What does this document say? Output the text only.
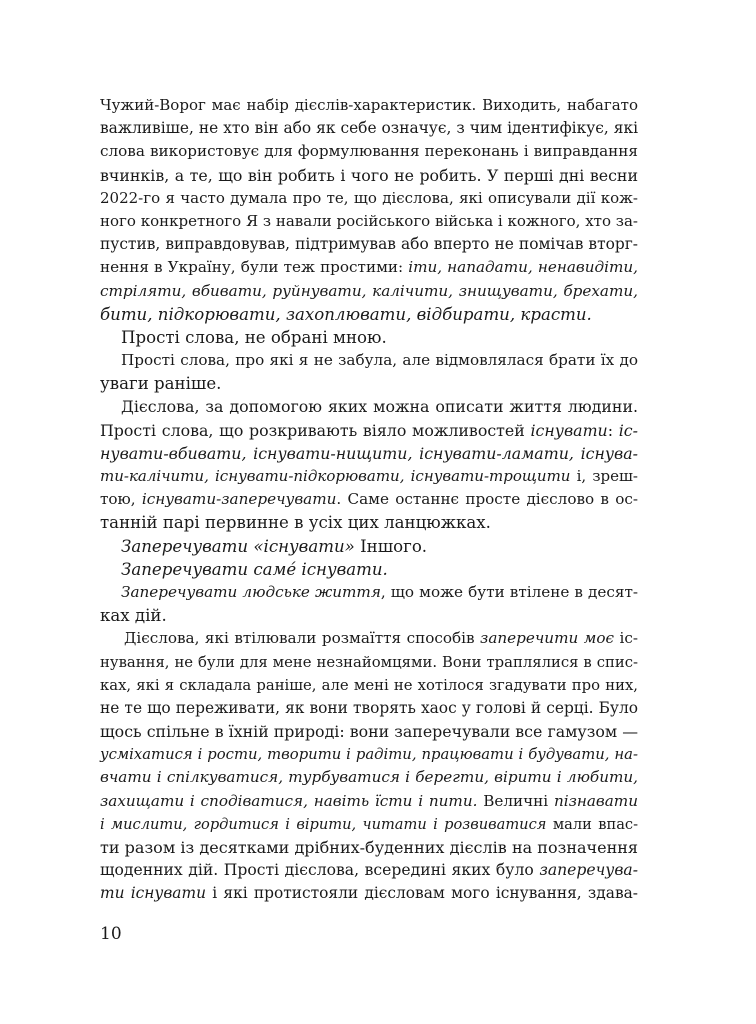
Чужий-Ворог має набір дієслів-характеристик. Виходить, набагато
важливіше, не хто він або як себе означує, з чим ідентифікує, які
слова використовує для формулювання переконань і виправдання
вчинків, а те, що він робить і чого не робить. У перші дні весни
2022-го я часто думала про те, що дієслова, які описували дії кож-
ного конкретного Я з навали російського війська і кожного, хто за-
пустив, виправдовував, підтримував або вперто не помічав вторг-
нення в Україну, були теж простими: іти, нападати, ненавидіти,
стріляти, вбивати, руйнувати, калічити, знищувати, брехати,
бити, підкорювати, захоплювати, відбирати, красти.
Прості слова, не обрані мною.
Прості слова, про які я не забула, але відмовлялася брати їх до
уваги раніше.
Дієслова, за допомогою яких можна описати життя людини.
Прості слова, що розкривають віяло можливостей існувати: іс-
нувати-вбивати, існувати-нищити, існувати-ламати, існува-
ти-калічити, існувати-підкорювати, існувати-трощити і, зреш-
тою, існувати-заперечувати. Саме останнє просте дієслово в ос-
танній парі первинне в усіх цих ланцюжках.
Заперечувати «існувати» Іншого.
Заперечувати саме́ існувати.
Заперечувати людське життя, що може бути втілене в десят-
ках дій.
Дієслова, які втілювали розмаїття способів заперечити моє іс-
нування, не були для мене незнайомцями. Вони траплялися в спис-
ках, які я складала раніше, але мені не хотілося згадувати про них,
не те що переживати, як вони творять хаос у голові й серці. Було
щось спільне в їхній природі: вони заперечували все гамузом —
усміхатися і рости, творити і радіти, працювати і будувати, на-
вчати і спілкуватися, турбуватися і берегти, вірити і любити,
захищати і сподіватися, навіть їсти і пити. Величні пізнавати
і мислити, гордитися і вірити, читати і розвиватися мали впас-
ти разом із десятками дрібних-буденних дієслів на позначення
щоденних дій. Прості дієслова, всередині яких було заперечува-
ти існувати і які протистояли дієсловам мого існування, здава-
10
